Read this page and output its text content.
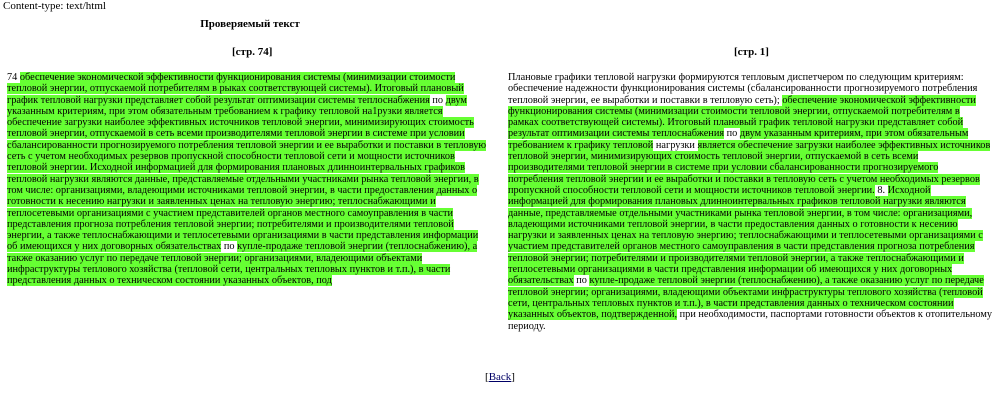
Content-type: text/html
Проверяемый текст
[стр. 74]	[стр. 1]
74 обеспечение экономической эффективности функционирования системы (минимизации стоимости тепловой энергии, отпускаемой потребителям в рыках соответствующей системы). Итоговый плановый график тепловой нагрузки представляет собой результат оптимизации системы теплоснабжения по двум указанным критериям, при этом обязательным требованием к графику тепловой на1рузки является обеспечение загрузки наиболее эффективных источников тепловой энергии, минимизирующих стоимость тепловой энергии, отпускаемой в сеть всеми производителями тепловой энергии в системе при условии сбалансированности прогнозируемого потребления тепловой энергии и ее выработки и поставки в тепловую сеть с учетом необходимых резервов пропускной способности тепловой сети и мощности источников тепловой энергии. Исходной информацией для формирования плановых длинноинтервальных графиков тепловой нагрузки являются данные, представляемые отдельными участниками рынка тепловой энергии, в том числе: организациями, владеющими источниками тепловой энергии, в части предоставления данных о готовности к несению нагрузки и заявленных ценах на тепловую энергию; теплоснабжающими и теплосетевыми организациями с участием представителей органов местного самоуправления в части представления прогноза потребления тепловой энергии; потребителями и производителями тепловой энергии, а также теплоснабжающими и теплосетевыми организациями в части представления информации об имеющихся у них договорных обязательствах по купле-продаже тепловой энергии (теплоснабжению), а также оказанию услуг по передаче тепловой энергии; организациями, владеющими объектами инфраструктуры теплового хозяйства (тепловой сети, центральных тепловых пунктов и т.п.), в части представления данных о техническом состоянии указанных объектов, под
Плановые графики тепловой нагрузки формируются тепловым диспетчером по следующим критериям: обеспечение надежности функционирования системы (сбалансированности прогнозируемого потребления тепловой энергии, ее выработки и поставки в тепловую сеть); обеспечение экономической эффективности функционирования системы (минимизации стоимости тепловой энергии, отпускаемой потребителям в рамках соответствующей системы). Итоговый плановый график тепловой нагрузки представляет собой результат оптимизации системы теплоснабжения по двум указанным критериям, при этом обязательным требованием к графику тепловой нагрузки является обеспечение загрузки наиболее эффективных источников тепловой энергии, минимизирующих стоимость тепловой энергии, отпускаемой в сеть всеми производителями тепловой энергии в системе при условии сбалансированности прогнозируемого потребления тепловой энергии и ее выработки и поставки в тепловую сеть с учетом необходимых резервов пропускной способности тепловой сети и мощности источников тепловой энергии. 8. Исходной информацией для формирования плановых длинноинтервальных графиков тепловой нагрузки являются данные, представляемые отдельными участниками рынка тепловой энергии, в том числе: организациями, владеющими источниками тепловой энергии, в части предоставления данных о готовности к несению нагрузки и заявленных ценах на тепловую энергию; теплоснабжающими и теплосетевыми организациями с участием представителей органов местного самоуправления в части представления прогноза потребления тепловой энергии; потребителями и производителями тепловой энергии, а также теплоснабжающими и теплосетевыми организациями в части представления информации об имеющихся у них договорных обязательствах по купле-продаже тепловой энергии (теплоснабжению), а также оказанию услуг по передаче тепловой энергии; организациями, владеющими объектами инфраструктуры теплового хозяйства (тепловой сети, центральных тепловых пунктов и т.п.), в части представления данных о техническом состоянии указанных объектов, подтвержденной, при необходимости, паспортами готовности объектов к отопительному периоду.
[Back]
